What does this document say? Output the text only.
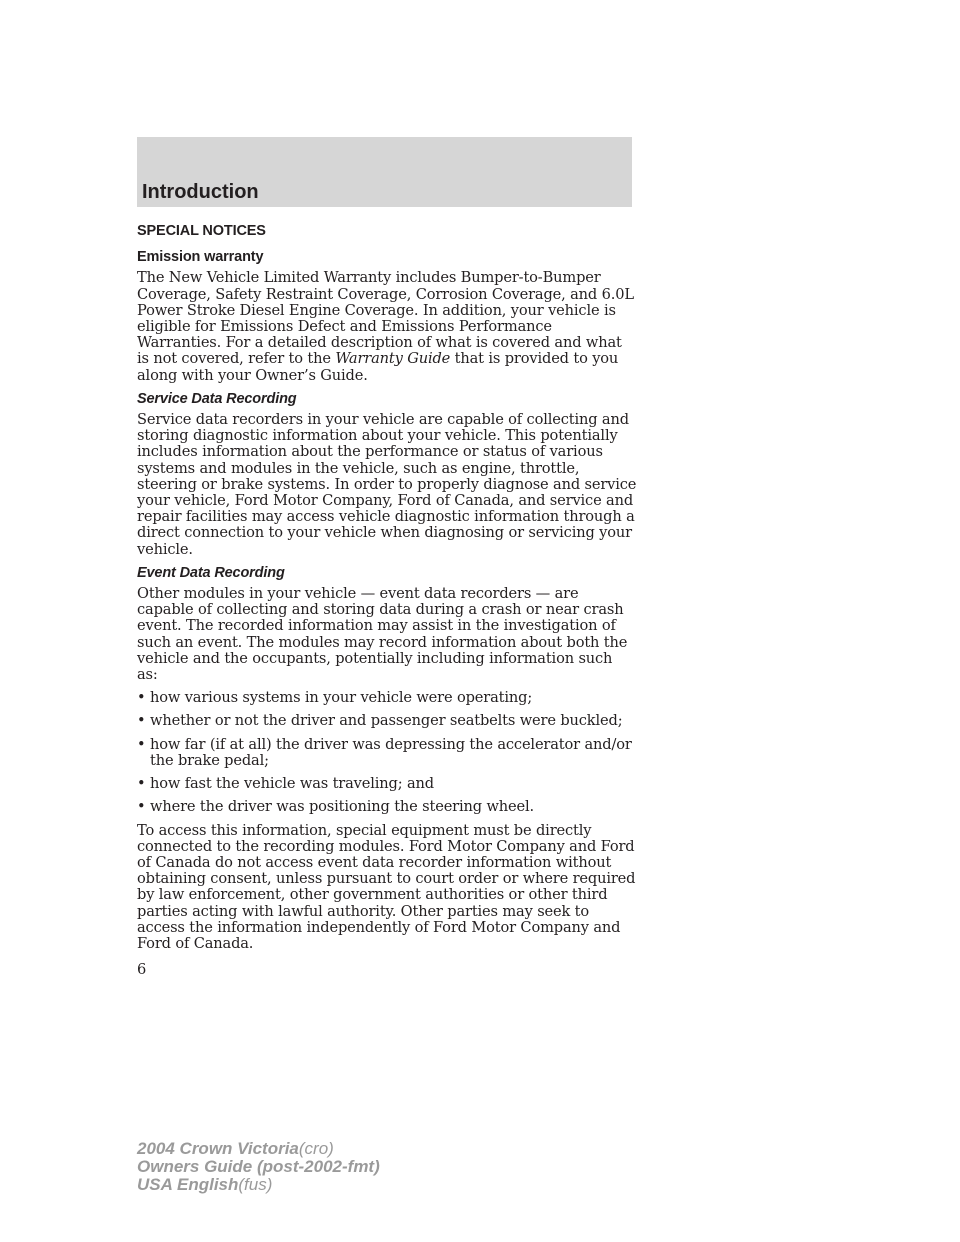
Introduction
SPECIAL NOTICES
Emission warranty

The New Vehicle Limited Warranty includes Bumper-to-Bumper Coverage, Safety Restraint Coverage, Corrosion Coverage, and 6.0L Power Stroke Diesel Engine Coverage. In addition, your vehicle is eligible for Emissions Defect and Emissions Performance Warranties. For a detailed description of what is covered and what is not covered, refer to the Warranty Guide that is provided to you along with your Owner’s Guide.

Service Data Recording

Service data recorders in your vehicle are capable of collecting and storing diagnostic information about your vehicle. This potentially includes information about the performance or status of various systems and modules in the vehicle, such as engine, throttle, steering or brake systems. In order to properly diagnose and service your vehicle, Ford Motor Company, Ford of Canada, and service and repair facilities may access vehicle diagnostic information through a direct connection to your vehicle when diagnosing or servicing your vehicle.

Event Data Recording

Other modules in your vehicle — event data recorders — are capable of collecting and storing data during a crash or near crash event. The recorded information may assist in the investigation of such an event. The modules may record information about both the vehicle and the occupants, potentially including information such as:

• how various systems in your vehicle were operating;
• whether or not the driver and passenger seatbelts were buckled;
• how far (if at all) the driver was depressing the accelerator and/or the brake pedal;
• how fast the vehicle was traveling; and
• where the driver was positioning the steering wheel.

To access this information, special equipment must be directly connected to the recording modules. Ford Motor Company and Ford of Canada do not access event data recorder information without obtaining consent, unless pursuant to court order or where required by law enforcement, other government authorities or other third parties acting with lawful authority. Other parties may seek to access the information independently of Ford Motor Company and Ford of Canada.

6
2004 Crown Victoria(cro)
Owners Guide (post-2002-fmt)
USA English(fus)
